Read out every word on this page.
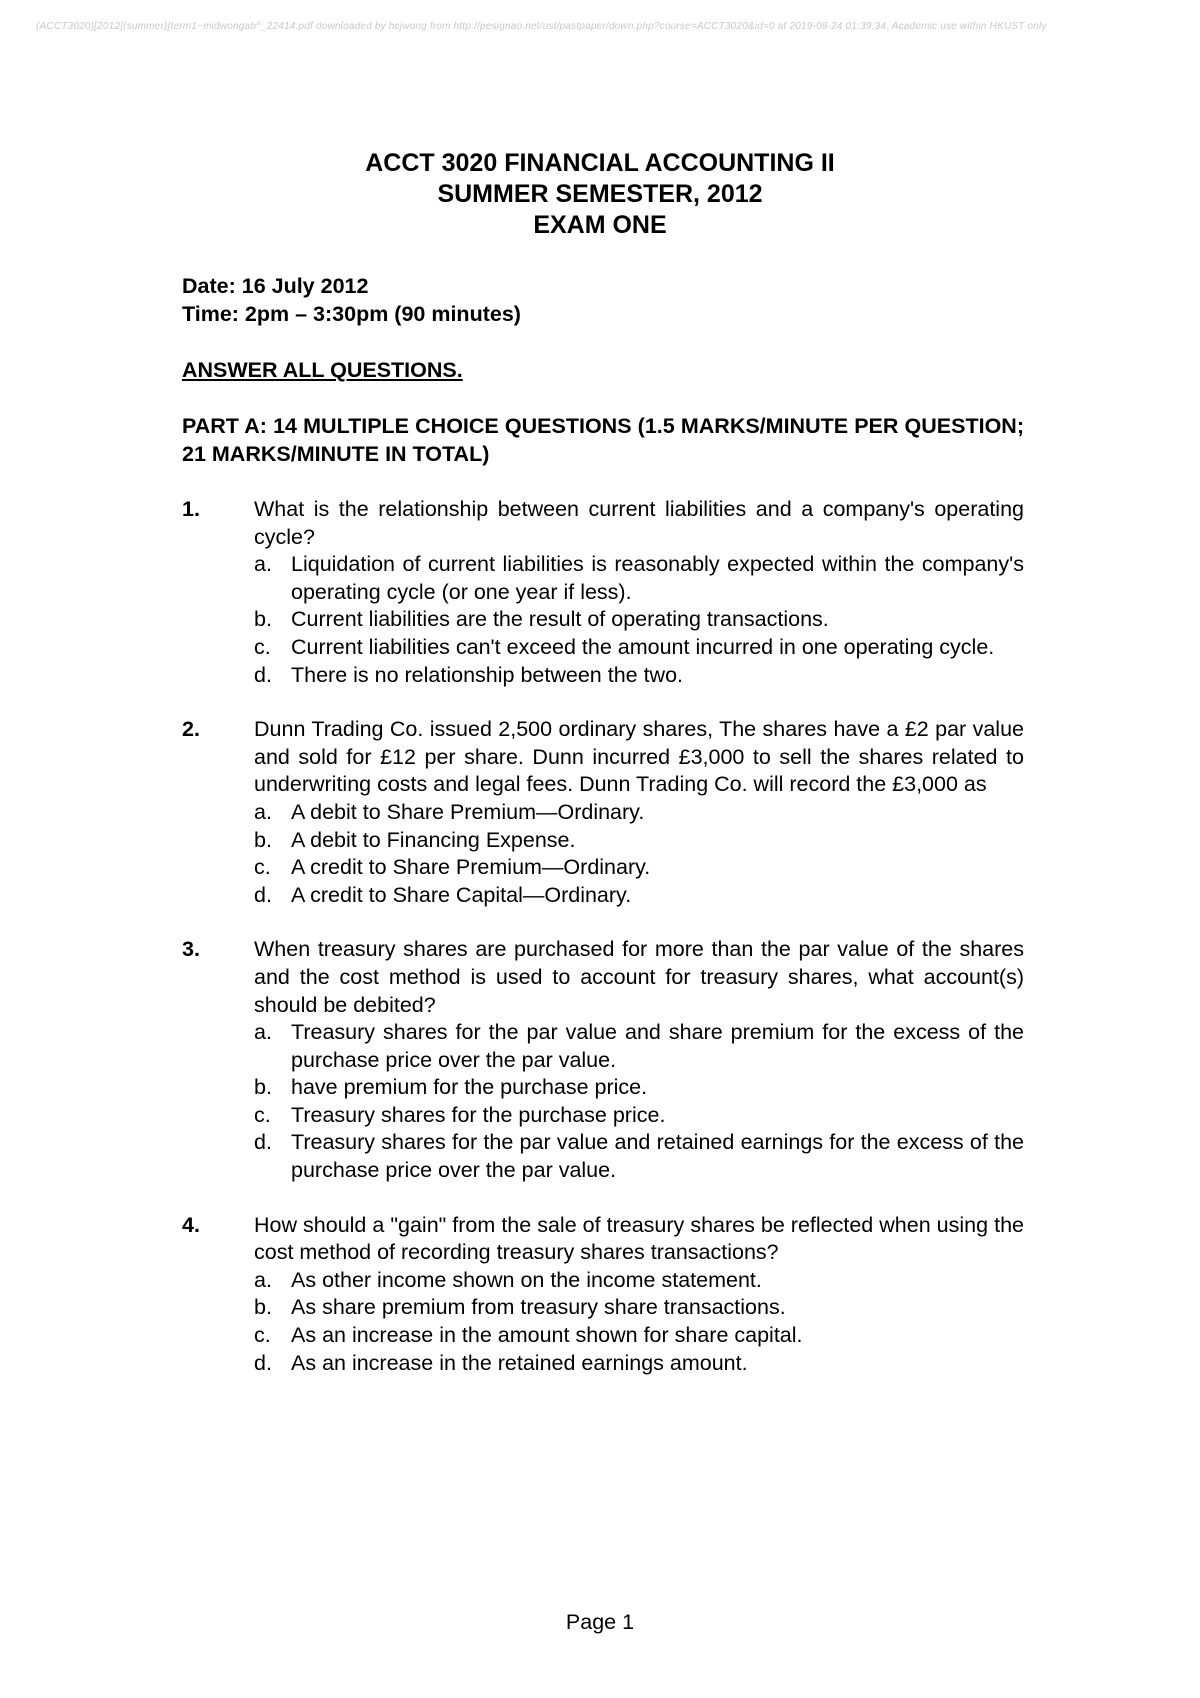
(ACCT3020)[2012](summer)[term1~midwongab^_22414.pdf downloaded by hcjwong from http://pesignao.net/ust/pastpaper/down.php?course=ACCT3020&id=0 at 2019-08-24 01:39:34. Academic use within HKUST only
ACCT 3020 FINANCIAL ACCOUNTING II
SUMMER SEMESTER, 2012
EXAM ONE
Date: 16 July 2012
Time: 2pm – 3:30pm (90 minutes)
ANSWER ALL QUESTIONS.
PART A: 14 MULTIPLE CHOICE QUESTIONS (1.5 MARKS/MINUTE PER QUESTION; 21 MARKS/MINUTE IN TOTAL)
1.	What is the relationship between current liabilities and a company's operating cycle?
a. Liquidation of current liabilities is reasonably expected within the company's operating cycle (or one year if less).
b. Current liabilities are the result of operating transactions.
c. Current liabilities can't exceed the amount incurred in one operating cycle.
d. There is no relationship between the two.
2.	Dunn Trading Co. issued 2,500 ordinary shares, The shares have a £2 par value and sold for £12 per share. Dunn incurred £3,000 to sell the shares related to underwriting costs and legal fees. Dunn Trading Co. will record the £3,000 as
a. A debit to Share Premium—Ordinary.
b. A debit to Financing Expense.
c. A credit to Share Premium—Ordinary.
d. A credit to Share Capital—Ordinary.
3.	When treasury shares are purchased for more than the par value of the shares and the cost method is used to account for treasury shares, what account(s) should be debited?
a. Treasury shares for the par value and share premium for the excess of the purchase price over the par value.
b. have premium for the purchase price.
c. Treasury shares for the purchase price.
d. Treasury shares for the par value and retained earnings for the excess of the purchase price over the par value.
4.	How should a "gain" from the sale of treasury shares be reflected when using the cost method of recording treasury shares transactions?
a. As other income shown on the income statement.
b. As share premium from treasury share transactions.
c. As an increase in the amount shown for share capital.
d. As an increase in the retained earnings amount.
Page 1
